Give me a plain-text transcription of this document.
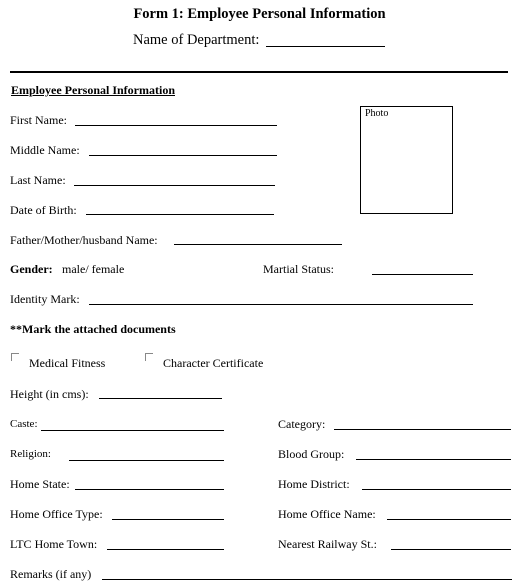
Form 1: Employee Personal Information
Name of Department:
Employee Personal Information
Photo
First Name:
Middle Name:
Last Name:
Date of Birth:
Father/Mother/husband Name:
Gender: male/ female	Martial Status:
Identity Mark:
**Mark the attached documents
Medical Fitness	Character Certificate
Height (in cms):
Caste:	Category:
Religion:	Blood Group:
Home State:	Home District:
Home Office Type:	Home Office Name:
LTC Home Town:	Nearest Railway St.:
Remarks (if any)
